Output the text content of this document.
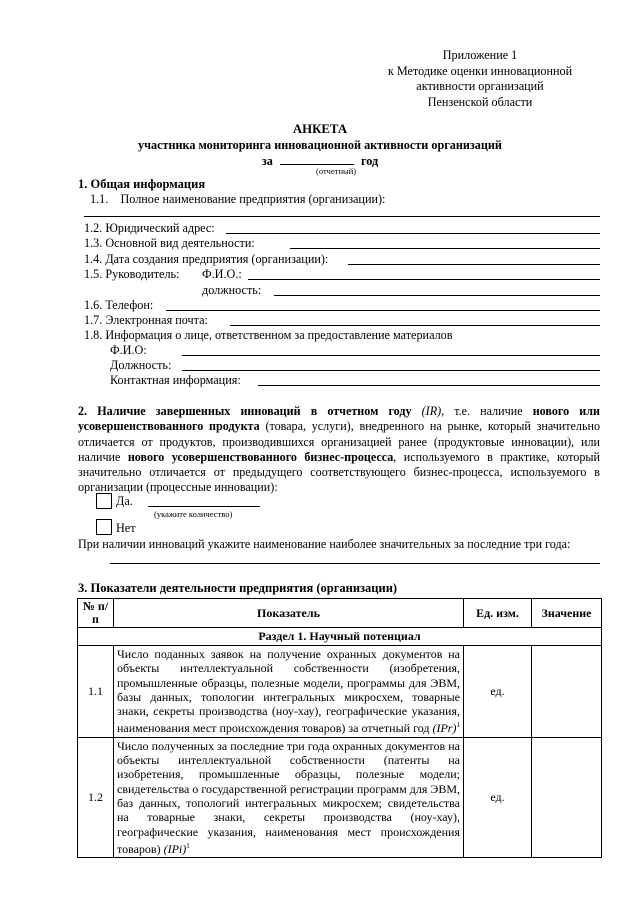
Приложение 1
к Методике оценки инновационной
активности организаций
Пензенской области
АНКЕТА
участника мониторинга инновационной активности организаций
за	год
(отчетный)
1. Общая информация
1.1.    Полное наименование предприятия (организации):
1.2. Юридический адрес:
1.3. Основной вид деятельности:
1.4. Дата создания предприятия (организации):
1.5. Руководитель: Ф.И.О.:
должность:
1.6. Телефон:
1.7. Электронная почта:
1.8. Информация о лице, ответственном за предоставление материалов
Ф.И.О:
Должность:
Контактная информация:
2. Наличие завершенных инноваций в отчетном году (IR), т.е. наличие нового или усовершенствованного продукта (товара, услуги), внедренного на рынке, который значительно отличается от продуктов, производившихся организацией ранее (продуктовые инновации), или наличие нового усовершенствованного бизнес-процесса, используемого в практике, который значительно отличается от предыдущего соответствующего бизнес-процесса, используемого в организации (процессные инновации):
Да.
(укажите количество)
Нет
При наличии инноваций укажите наименование наиболее значительных за последние три года:
3. Показатели деятельности предприятия (организации)
№ п/п	Показатель	Ед. изм.	Значение
Раздел 1. Научный потенциал			
1.1	Число поданных заявок на получение охранных документов на объекты интеллектуальной собственности (изобретения, промышленные образцы, полезные модели, программы для ЭВМ, базы данных, топологии интегральных микросхем, товарные знаки, секреты производства (ноу-хау), географические указания, наименования мест происхождения товаров) за отчетный год (IPr)$^1$	ед.	
1.2	Число полученных за последние три года охранных документов на объекты интеллектуальной собственности (патенты на изобретения, промышленные образцы, полезные модели; свидетельства о государственной регистрации программ для ЭВМ, баз данных, топологий интегральных микросхем; свидетельства на товарные знаки, секреты производства (ноу-хау), географические указания, наименования мест происхождения товаров) (IPi)$^1$	ед.	
